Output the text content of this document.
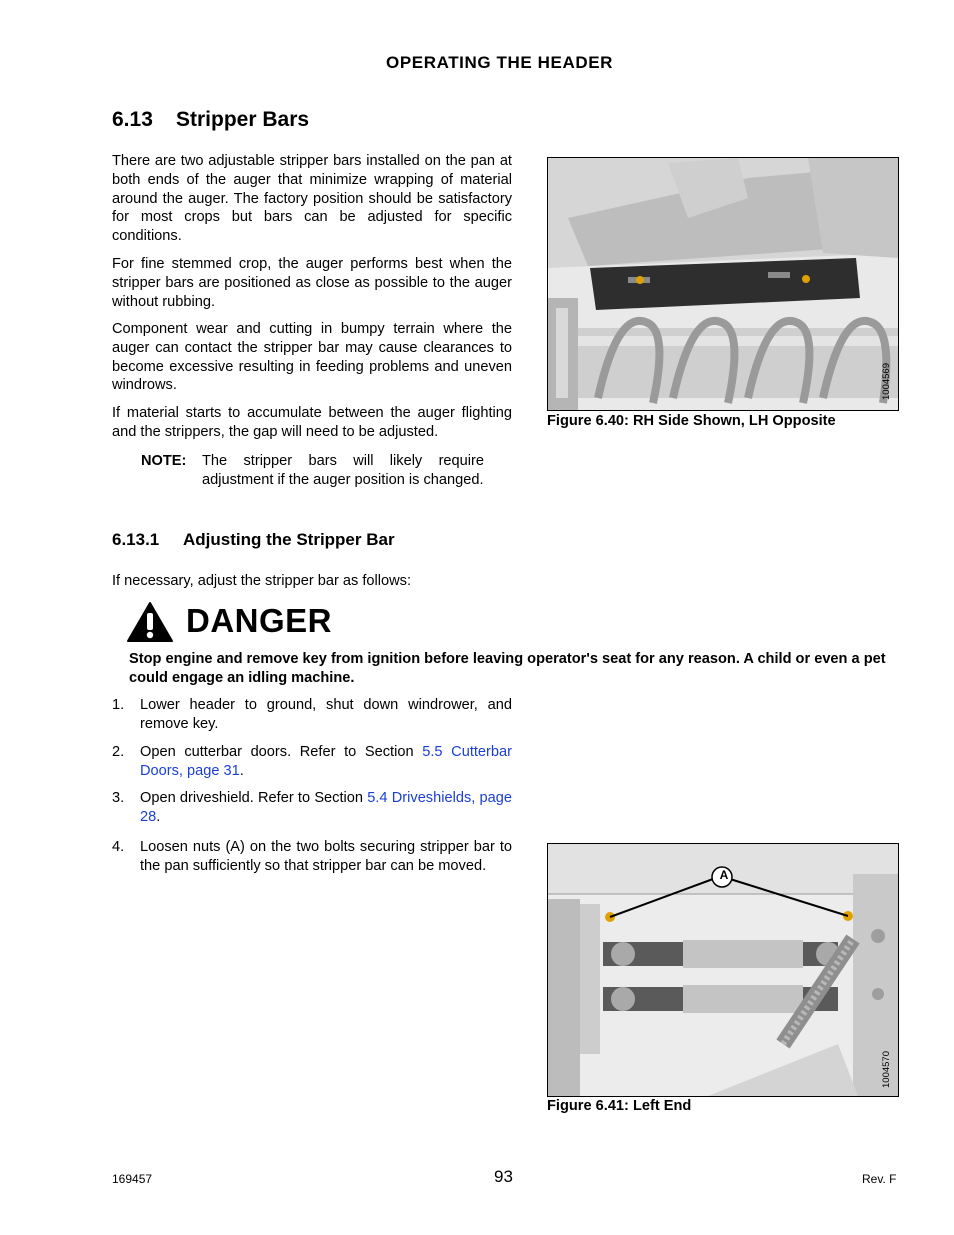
OPERATING THE HEADER
6.13 Stripper Bars
There are two adjustable stripper bars installed on the pan at both ends of the auger that minimize wrapping of material around the auger. The factory position should be satisfactory for most crops but bars can be adjusted for specific conditions.
For fine stemmed crop, the auger performs best when the stripper bars are positioned as close as possible to the auger without rubbing.
Component wear and cutting in bumpy terrain where the auger can contact the stripper bar may cause clearances to become excessive resulting in feeding problems and uneven windrows.
If material starts to accumulate between the auger flighting and the strippers, the gap will need to be adjusted.
NOTE: The stripper bars will likely require adjustment if the auger position is changed.
6.13.1 Adjusting the Stripper Bar
If necessary, adjust the stripper bar as follows:
DANGER
Stop engine and remove key from ignition before leaving operator's seat for any reason. A child or even a pet could engage an idling machine.
1. Lower header to ground, shut down windrower, and remove key.
2. Open cutterbar doors. Refer to Section 5.5 Cutterbar Doors, page 31.
3. Open driveshield. Refer to Section 5.4 Driveshields, page 28.
4. Loosen nuts (A) on the two bolts securing stripper bar to the pan sufficiently so that stripper bar can be moved.
1004569
Figure 6.40: RH Side Shown, LH Opposite
A
1004570
Figure 6.41: Left End
169457	93	Rev. F
